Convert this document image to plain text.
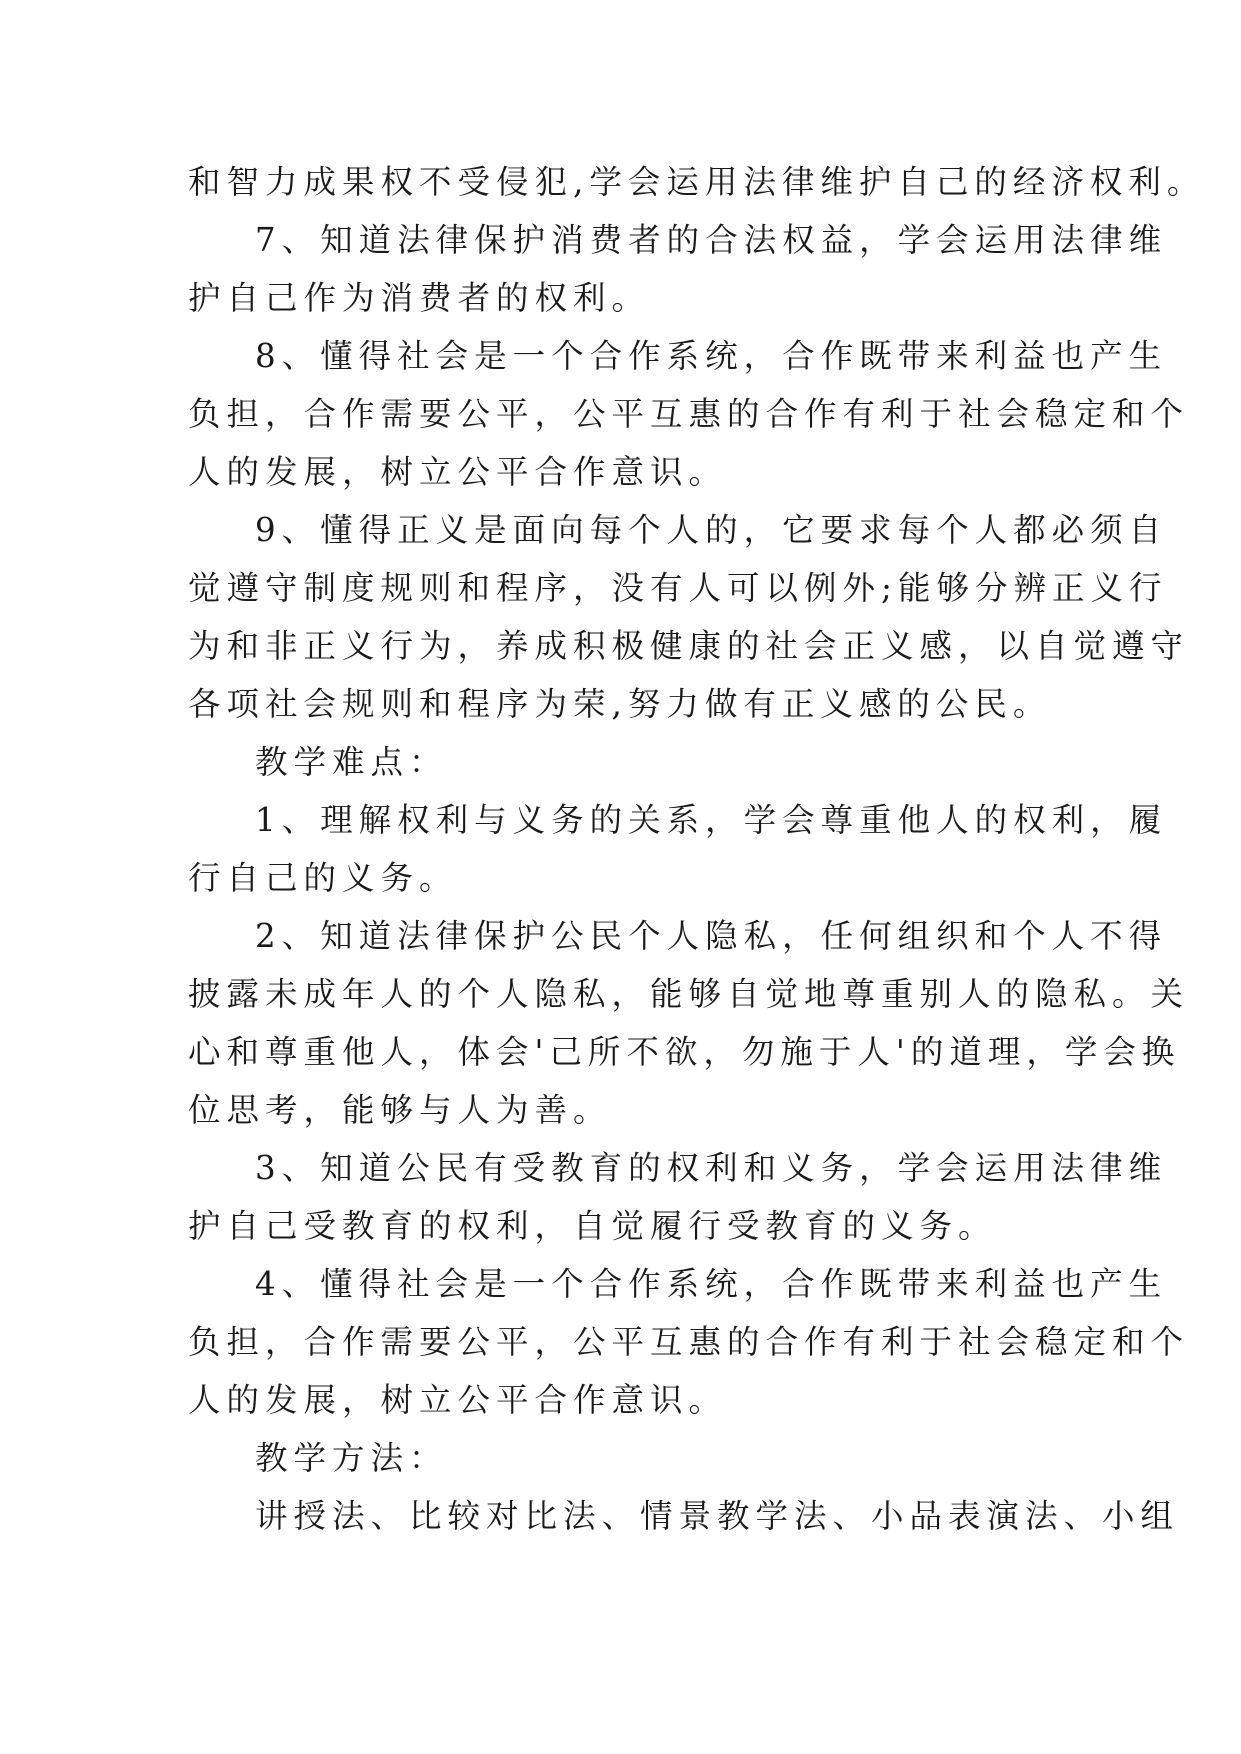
和智力成果权不受侵犯,学会运用法律维护自己的经济权利。
7、知道法律保护消费者的合法权益，学会运用法律维
护自己作为消费者的权利。
8、懂得社会是一个合作系统，合作既带来利益也产生
负担，合作需要公平，公平互惠的合作有利于社会稳定和个
人的发展，树立公平合作意识。
9、懂得正义是面向每个人的，它要求每个人都必须自
觉遵守制度规则和程序，没有人可以例外;能够分辨正义行
为和非正义行为，养成积极健康的社会正义感，以自觉遵守
各项社会规则和程序为荣,努力做有正义感的公民。
教学难点：
1、理解权利与义务的关系，学会尊重他人的权利，履
行自己的义务。
2、知道法律保护公民个人隐私，任何组织和个人不得
披露未成年人的个人隐私，能够自觉地尊重别人的隐私。关
心和尊重他人，体会'己所不欲，勿施于人'的道理，学会换
位思考，能够与人为善。
3、知道公民有受教育的权利和义务，学会运用法律维
护自己受教育的权利，自觉履行受教育的义务。
4、懂得社会是一个合作系统，合作既带来利益也产生
负担，合作需要公平，公平互惠的合作有利于社会稳定和个
人的发展，树立公平合作意识。
教学方法：
讲授法、比较对比法、情景教学法、小品表演法、小组
